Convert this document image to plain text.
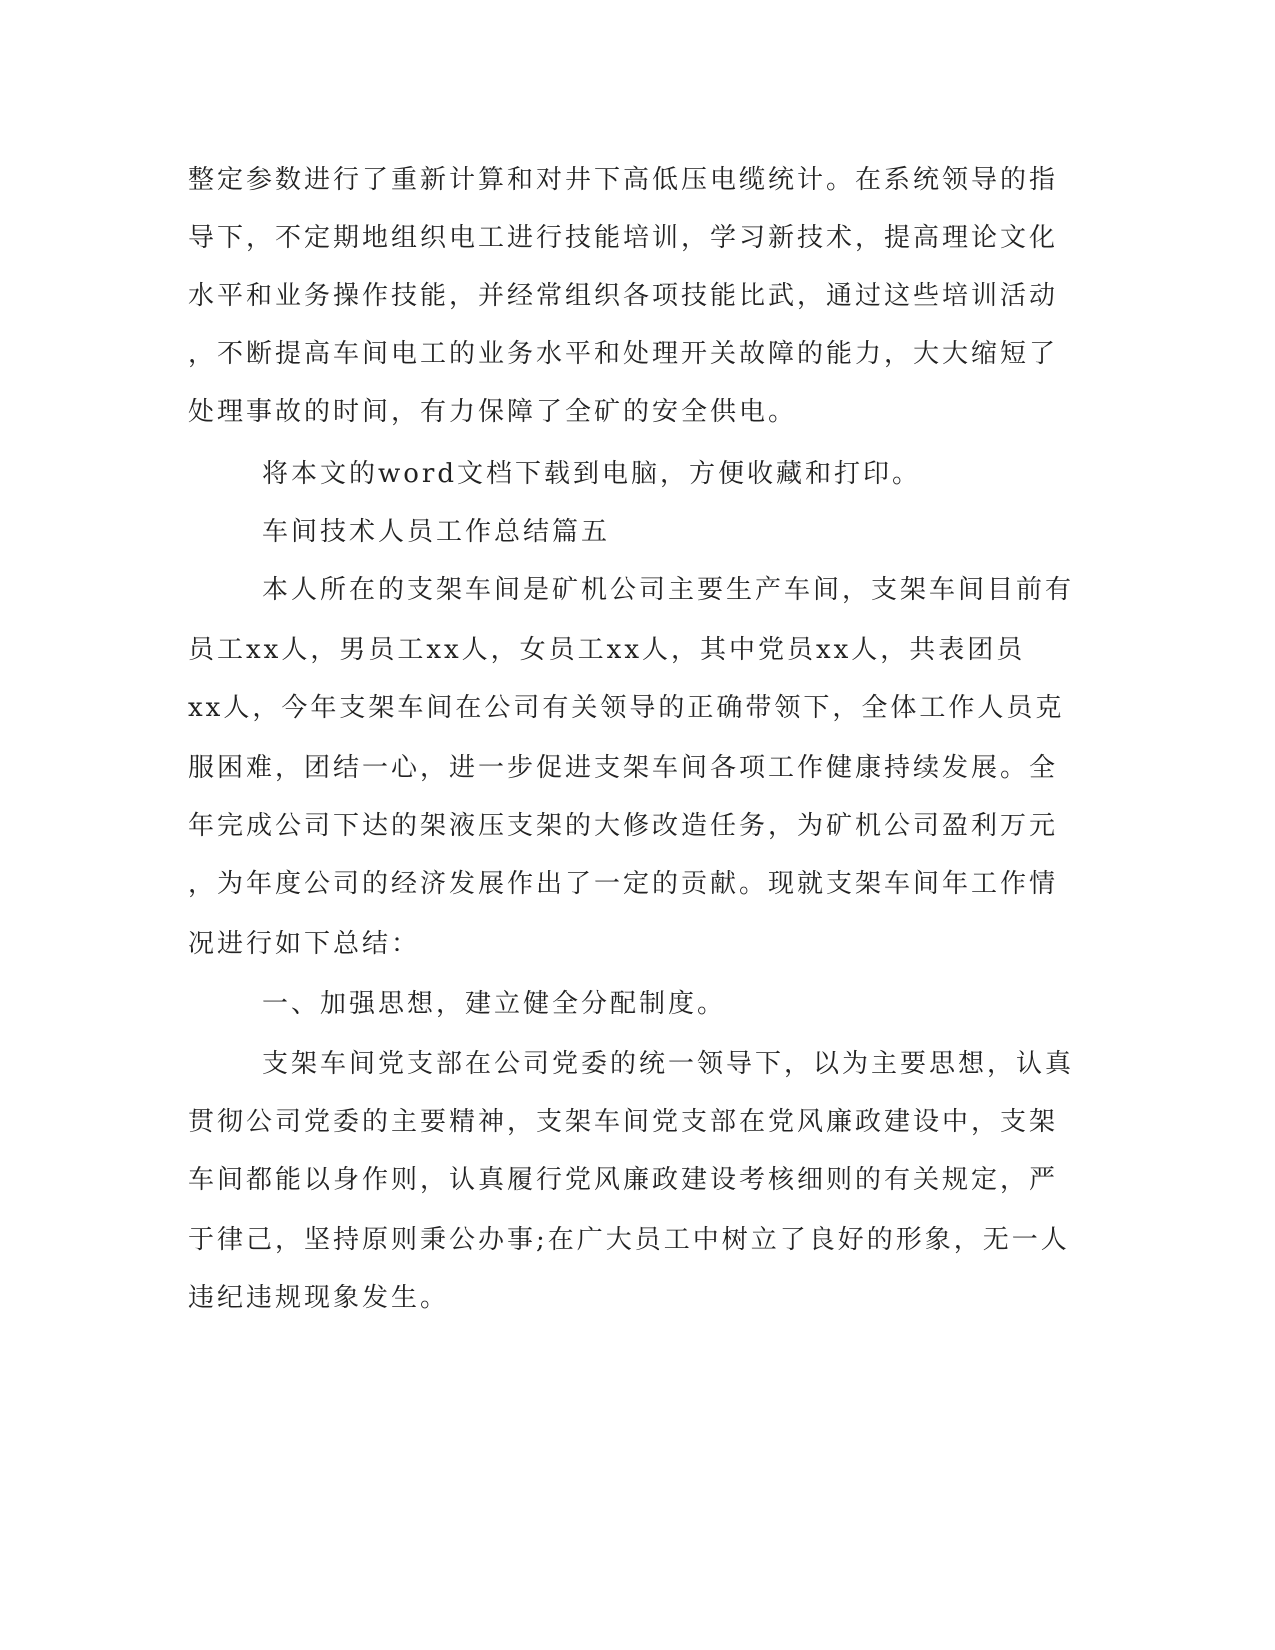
整定参数进行了重新计算和对井下高低压电缆统计。在系统领导的指

导下，不定期地组织电工进行技能培训，学习新技术，提高理论文化

水平和业务操作技能，并经常组织各项技能比武，通过这些培训活动

，不断提高车间电工的业务水平和处理开关故障的能力，大大缩短了

处理事故的时间，有力保障了全矿的安全供电。

将本文的word文档下载到电脑，方便收藏和打印。

车间技术人员工作总结篇五

本人所在的支架车间是矿机公司主要生产车间，支架车间目前有

员工xx人，男员工xx人，女员工xx人，其中党员xx人，共表团员

xx人，今年支架车间在公司有关领导的正确带领下，全体工作人员克

服困难，团结一心，进一步促进支架车间各项工作健康持续发展。全

年完成公司下达的架液压支架的大修改造任务，为矿机公司盈利万元

，为年度公司的经济发展作出了一定的贡献。现就支架车间年工作情

况进行如下总结：

一、加强思想，建立健全分配制度。

支架车间党支部在公司党委的统一领导下，以为主要思想，认真

贯彻公司党委的主要精神，支架车间党支部在党风廉政建设中，支架

车间都能以身作则，认真履行党风廉政建设考核细则的有关规定，严

于律己，坚持原则秉公办事;在广大员工中树立了良好的形象，无一人

违纪违规现象发生。
